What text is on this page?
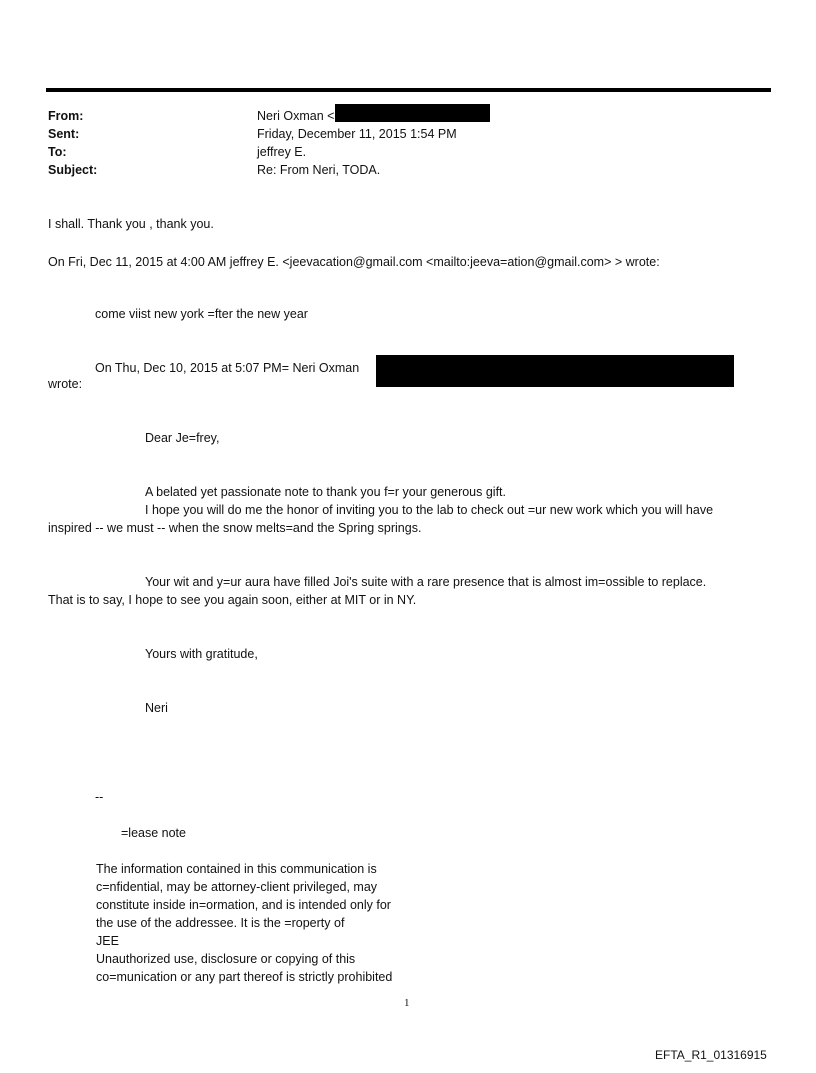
From:	Neri Oxman <
Sent:	Friday, December 11, 2015 1:54 PM
To:	jeffrey E.
Subject:	Re: From Neri, TODA.
I shall. Thank you , thank you.
On Fri, Dec 11, 2015 at 4:00 AM jeffrey E. <jeevacation@gmail.com <mailto:jeeva=ation@gmail.com> > wrote:
come viist new york =fter the new year
On Thu, Dec 10, 2015 at 5:07 PM= Neri Oxman
wrote:
Dear Je=frey,
A belated yet passionate note to thank you f=r your generous gift.
I hope you will do me the honor of inviting you to the lab to check out =ur new work which you will have
inspired -- we must -- when the snow melts=and the Spring springs.
Your wit and y=ur aura have filled Joi's suite with a rare presence that is almost im=ossible to replace.
That is to say, I hope to see you again soon, either at MIT or in NY.
Yours with gratitude,
Neri
--
=lease note
The information contained in this communication is
c=nfidential, may be attorney-client privileged, may
constitute inside in=ormation, and is intended only for
the use of the addressee. It is the =roperty of
JEE
Unauthorized use, disclosure or copying of this
co=munication or any part thereof is strictly prohibited
1
EFTA_R1_01316915
